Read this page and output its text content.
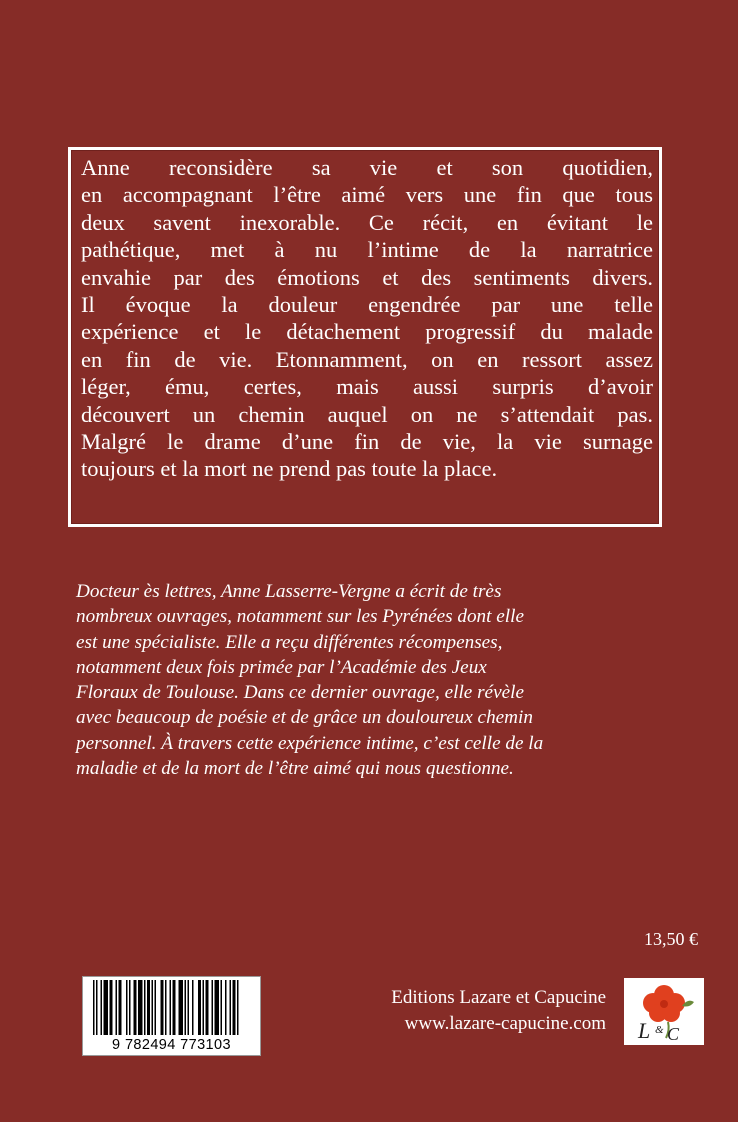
Anne reconsidère sa vie et son quotidien,
en accompagnant l’être aimé vers une fin que tous
deux savent inexorable. Ce récit, en évitant le
pathétique, met à nu l’intime de la narratrice
envahie par des émotions et des sentiments divers.
Il évoque la douleur engendrée par une telle
expérience et le détachement progressif du malade
en fin de vie. Etonnamment, on en ressort assez
léger, ému, certes, mais aussi surpris d’avoir
découvert un chemin auquel on ne s’attendait pas.
Malgré le drame d’une fin de vie, la vie surnage
toujours et la mort ne prend pas toute la place.

Docteur ès lettres, Anne Lasserre-Vergne a écrit de très
nombreux ouvrages, notamment sur les Pyrénées dont elle
est une spécialiste. Elle a reçu différentes récompenses,
notamment deux fois primée par l’Académie des Jeux
Floraux de Toulouse. Dans ce dernier ouvrage, elle révèle
avec beaucoup de poésie et de grâce un douloureux chemin
personnel. À travers cette expérience intime, c’est celle de la
maladie et de la mort de l’être aimé qui nous questionne.

13,50 €
9 782494 773103
Editions Lazare et Capucine
www.lazare-capucine.com L & C
